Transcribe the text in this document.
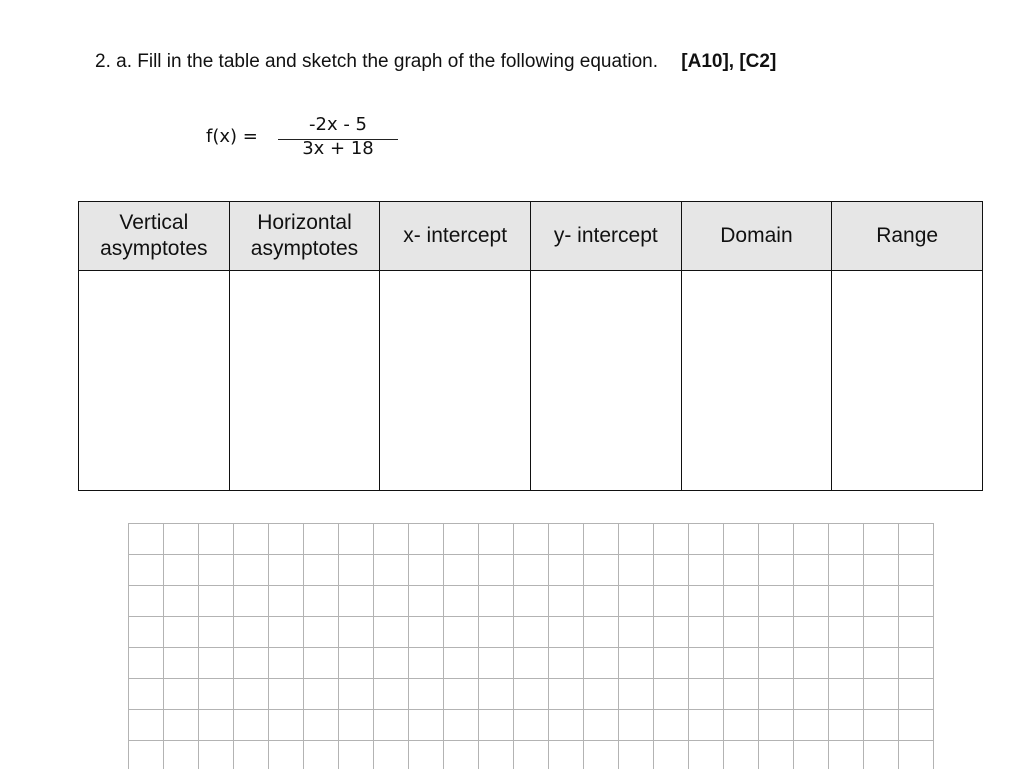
2. a. Fill in the table and sketch the graph of the following equation. [A10], [C2]
f(x) =
-2x - 5
3x + 18
Vertical
asymptotes	Horizontal
asymptotes	x- intercept	y- intercept	Domain	Range
